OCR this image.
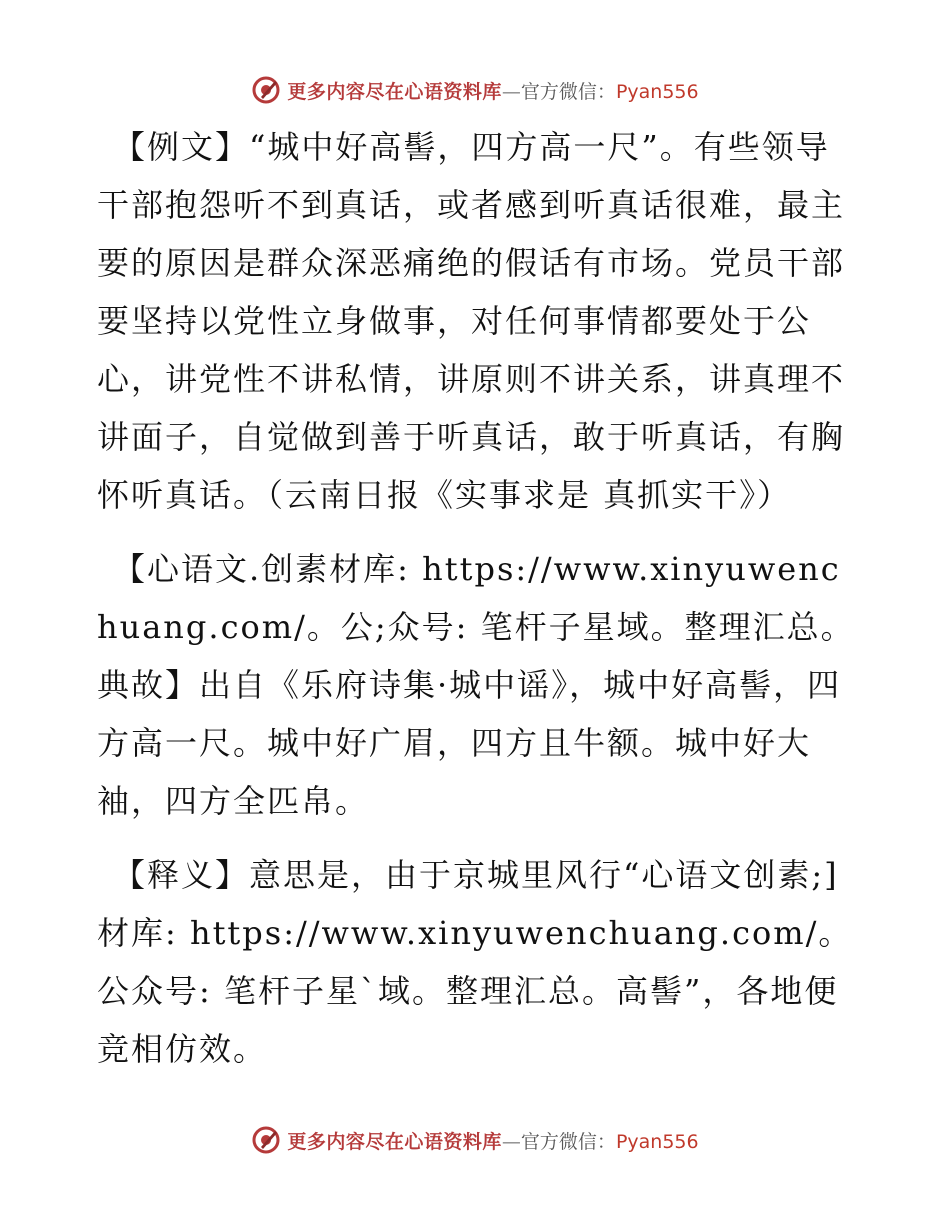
更多内容尽在心语资料库—官方微信：Pyan556

【例文】“城中好高髻，四方高一尺”。有些领导干部抱怨听不到真话，或者感到听真话很难，最主要的原因是群众深恶痛绝的假话有市场。党员干部要坚持以党性立身做事，对任何事情都要处于公心，讲党性不讲私情，讲原则不讲关系，讲真理不讲面子，自觉做到善于听真话，敢于听真话，有胸怀听真话。（云南日报《实事求是 真抓实干》）

【心语文.创素材库: https://www.xinyuwenchuang.com/。公;众号: 笔杆子星域。整理汇总。典故】出自《乐府诗集·城中谣》，城中好高髻，四方高一尺。城中好广眉，四方且牛额。城中好大袖，四方全匹帛。

【释义】意思是，由于京城里风行“心语文创素;]材库: https://www.xinyuwenchuang.com/。公众号: 笔杆子星`域。整理汇总。高髻”，各地便竞相仿效。

更多内容尽在心语资料库—官方微信：Pyan556
